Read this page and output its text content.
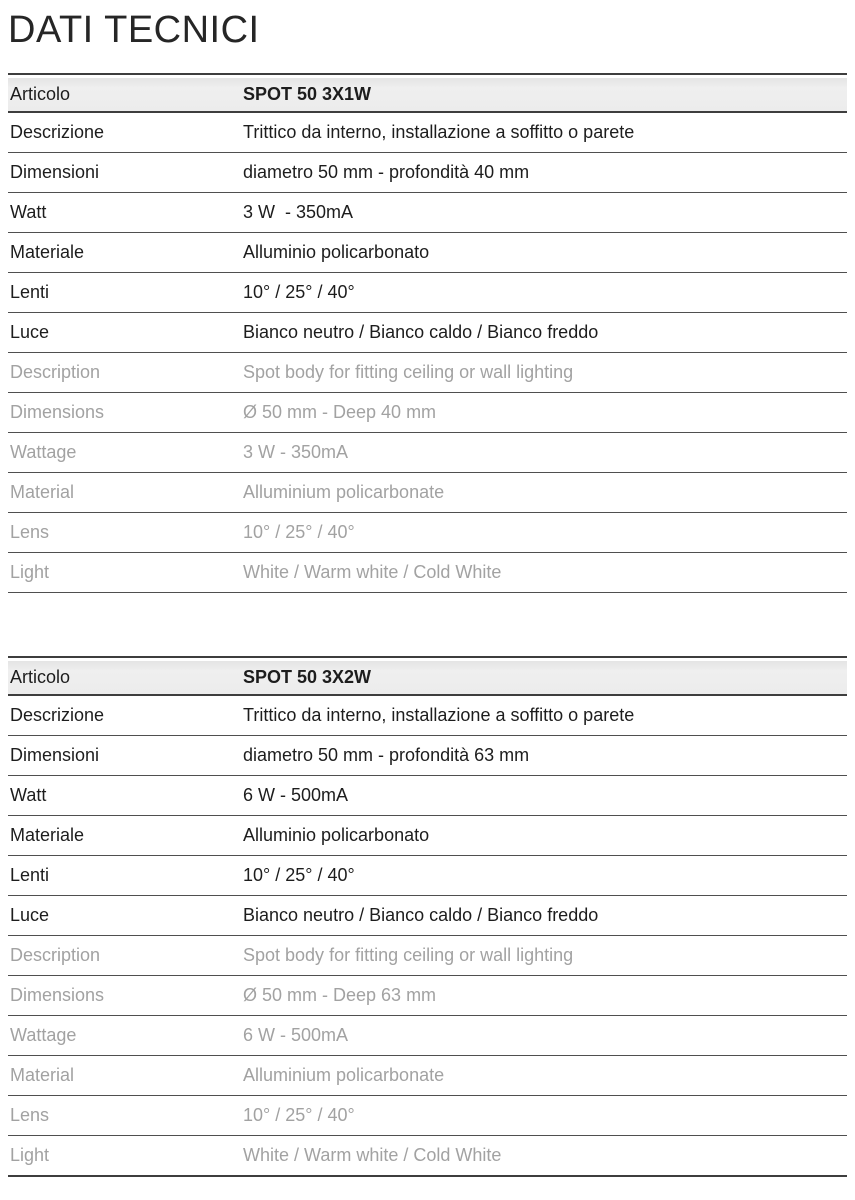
DATI TECNICI
Articolo	SPOT 50 3X1W
Descrizione	Trittico da interno, installazione a soffitto o parete
Dimensioni	diametro 50 mm - profondità 40 mm
Watt	3 W  - 350mA
Materiale	Alluminio policarbonato
Lenti	10° / 25° / 40°
Luce	Bianco neutro / Bianco caldo / Bianco freddo
Description	Spot body for fitting ceiling or wall lighting
Dimensions	Ø 50 mm - Deep 40 mm
Wattage	3 W - 350mA
Material	Alluminium policarbonate
Lens	10° / 25° / 40°
Light	White / Warm white / Cold White
Articolo	SPOT 50 3X2W
Descrizione	Trittico da interno, installazione a soffitto o parete
Dimensioni	diametro 50 mm - profondità 63 mm
Watt	6 W - 500mA
Materiale	Alluminio policarbonato
Lenti	10° / 25° / 40°
Luce	Bianco neutro / Bianco caldo / Bianco freddo
Description	Spot body for fitting ceiling or wall lighting
Dimensions	Ø 50 mm - Deep 63 mm
Wattage	6 W - 500mA
Material	Alluminium policarbonate
Lens	10° / 25° / 40°
Light	White / Warm white / Cold White
